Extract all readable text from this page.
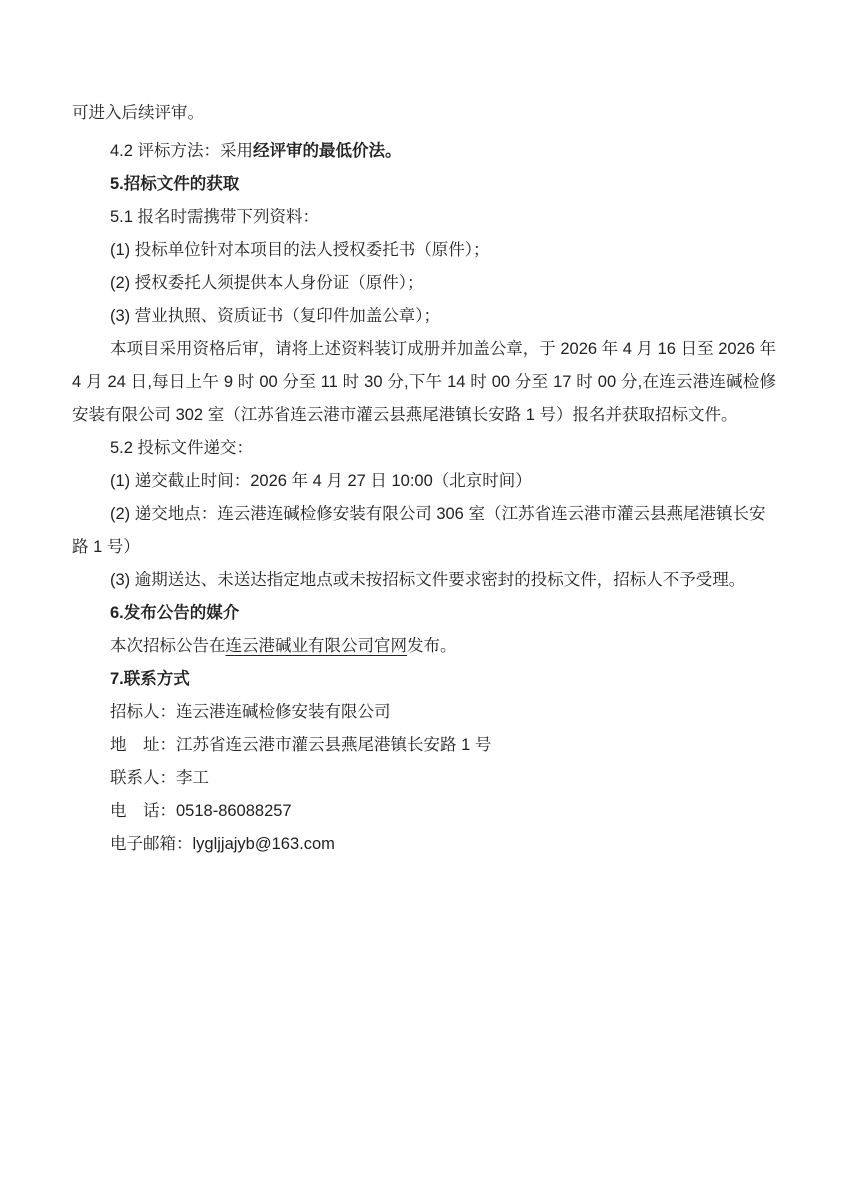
可进入后续评审。

4.2 评标方法：采用经评审的最低价法。

5.招标文件的获取

5.1 报名时需携带下列资料：

(1) 投标单位针对本项目的法人授权委托书（原件）；

(2) 授权委托人须提供本人身份证（原件）；

(3) 营业执照、资质证书（复印件加盖公章）；

本项目采用资格后审，请将上述资料装订成册并加盖公章，于 2026 年 4 月 16 日至 2026 年 4 月 24 日,每日上午 9 时 00 分至 11 时 30 分,下午 14 时 00 分至 17 时 00 分,在连云港连碱检修安装有限公司 302 室（江苏省连云港市灌云县燕尾港镇长安路 1 号）报名并获取招标文件。

5.2 投标文件递交：

(1) 递交截止时间：2026 年 4 月 27 日 10:00（北京时间）

(2) 递交地点：连云港连碱检修安装有限公司 306 室（江苏省连云港市灌云县燕尾港镇长安路 1 号）

(3) 逾期送达、未送达指定地点或未按招标文件要求密封的投标文件，招标人不予受理。

6.发布公告的媒介

本次招标公告在连云港碱业有限公司官网发布。

7.联系方式

招标人：连云港连碱检修安装有限公司

地　址：江苏省连云港市灌云县燕尾港镇长安路 1 号

联系人：李工

电　话：0518-86088257

电子邮箱：lygljjajyb@163.com
